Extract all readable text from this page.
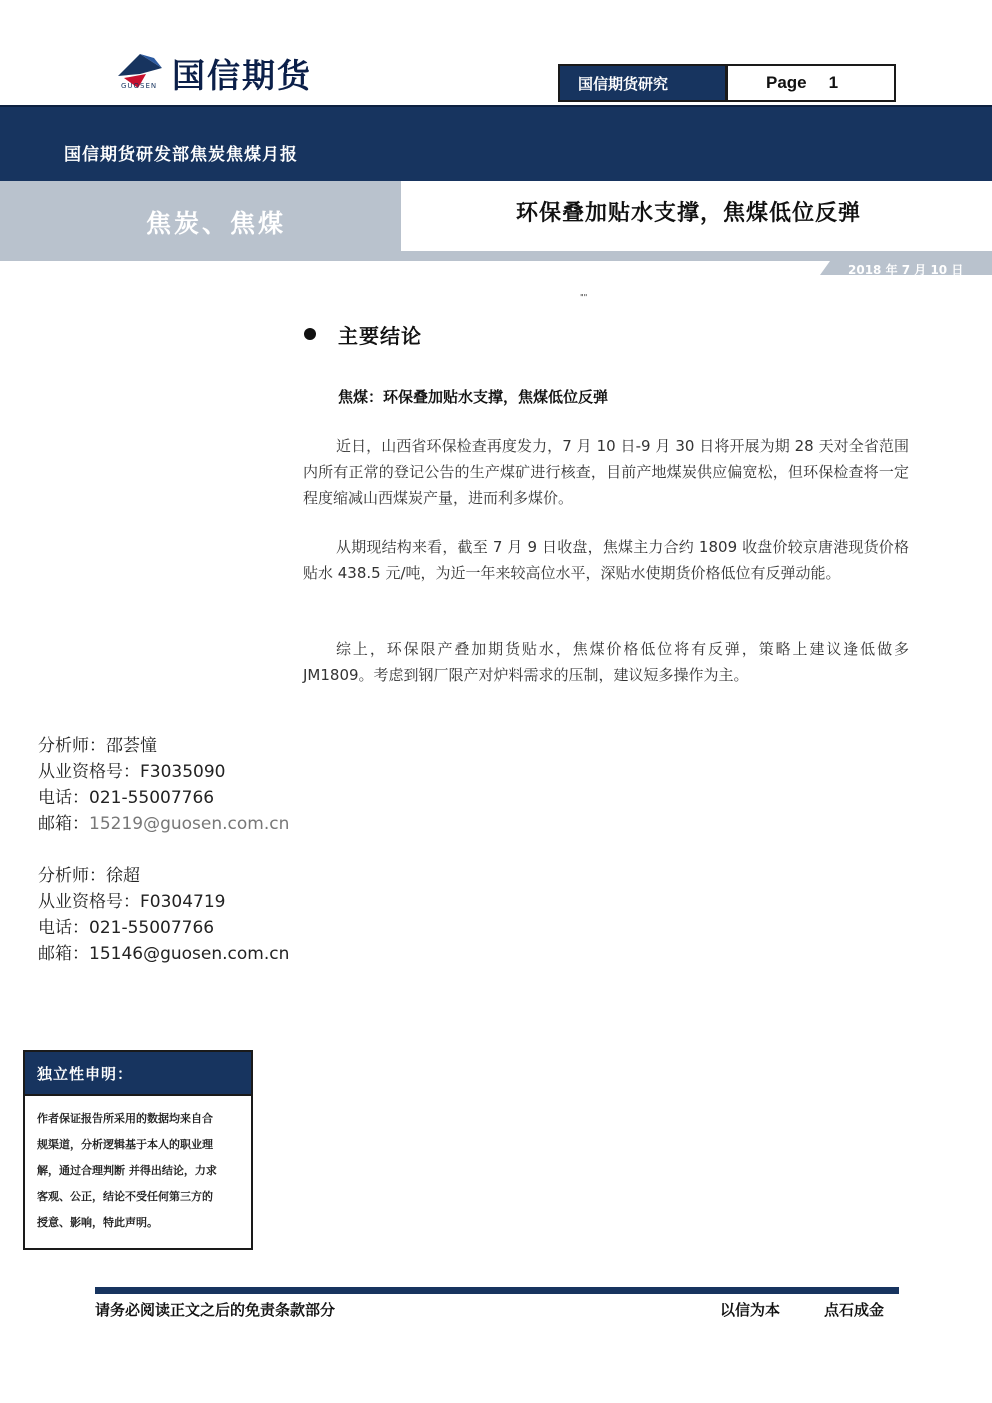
国信期货
GUOSEN	国信期货研究	Page 1
国信期货研发部焦炭焦煤月报
焦炭、焦煤	环保叠加贴水支撑，焦煤低位反弹
2018 年 7 月 10 日
""
主要结论
焦煤：环保叠加贴水支撑，焦煤低位反弹

近日，山西省环保检查再度发力，7 月 10 日-9 月 30 日将开展为期 28 天对全省范围内所有正常的登记公告的生产煤矿进行核查，目前产地煤炭供应偏宽松，但环保检查将一定程度缩减山西煤炭产量，进而利多煤价。

从期现结构来看，截至 7 月 9 日收盘，焦煤主力合约 1809 收盘价较京唐港现货价格贴水 438.5 元/吨，为近一年来较高位水平，深贴水使期货价格低位有反弹动能。

综上，环保限产叠加期货贴水，焦煤价格低位将有反弹，策略上建议逢低做多 JM1809。考虑到钢厂限产对炉料需求的压制，建议短多操作为主。

分析师：邵荟憧
从业资格号：F3035090
电话：021-55007766
邮箱：15219@guosen.com.cn
分析师：徐超
从业资格号：F0304719
电话：021-55007766
邮箱：15146@guosen.com.cn
独立性申明：
作者保证报告所采用的数据均来自合
规渠道，分析逻辑基于本人的职业理
解，通过合理判断 并得出结论，力求
客观、公正，结论不受任何第三方的
授意、影响，特此声明。
请务必阅读正文之后的免责条款部分	以信为本	点石成金
